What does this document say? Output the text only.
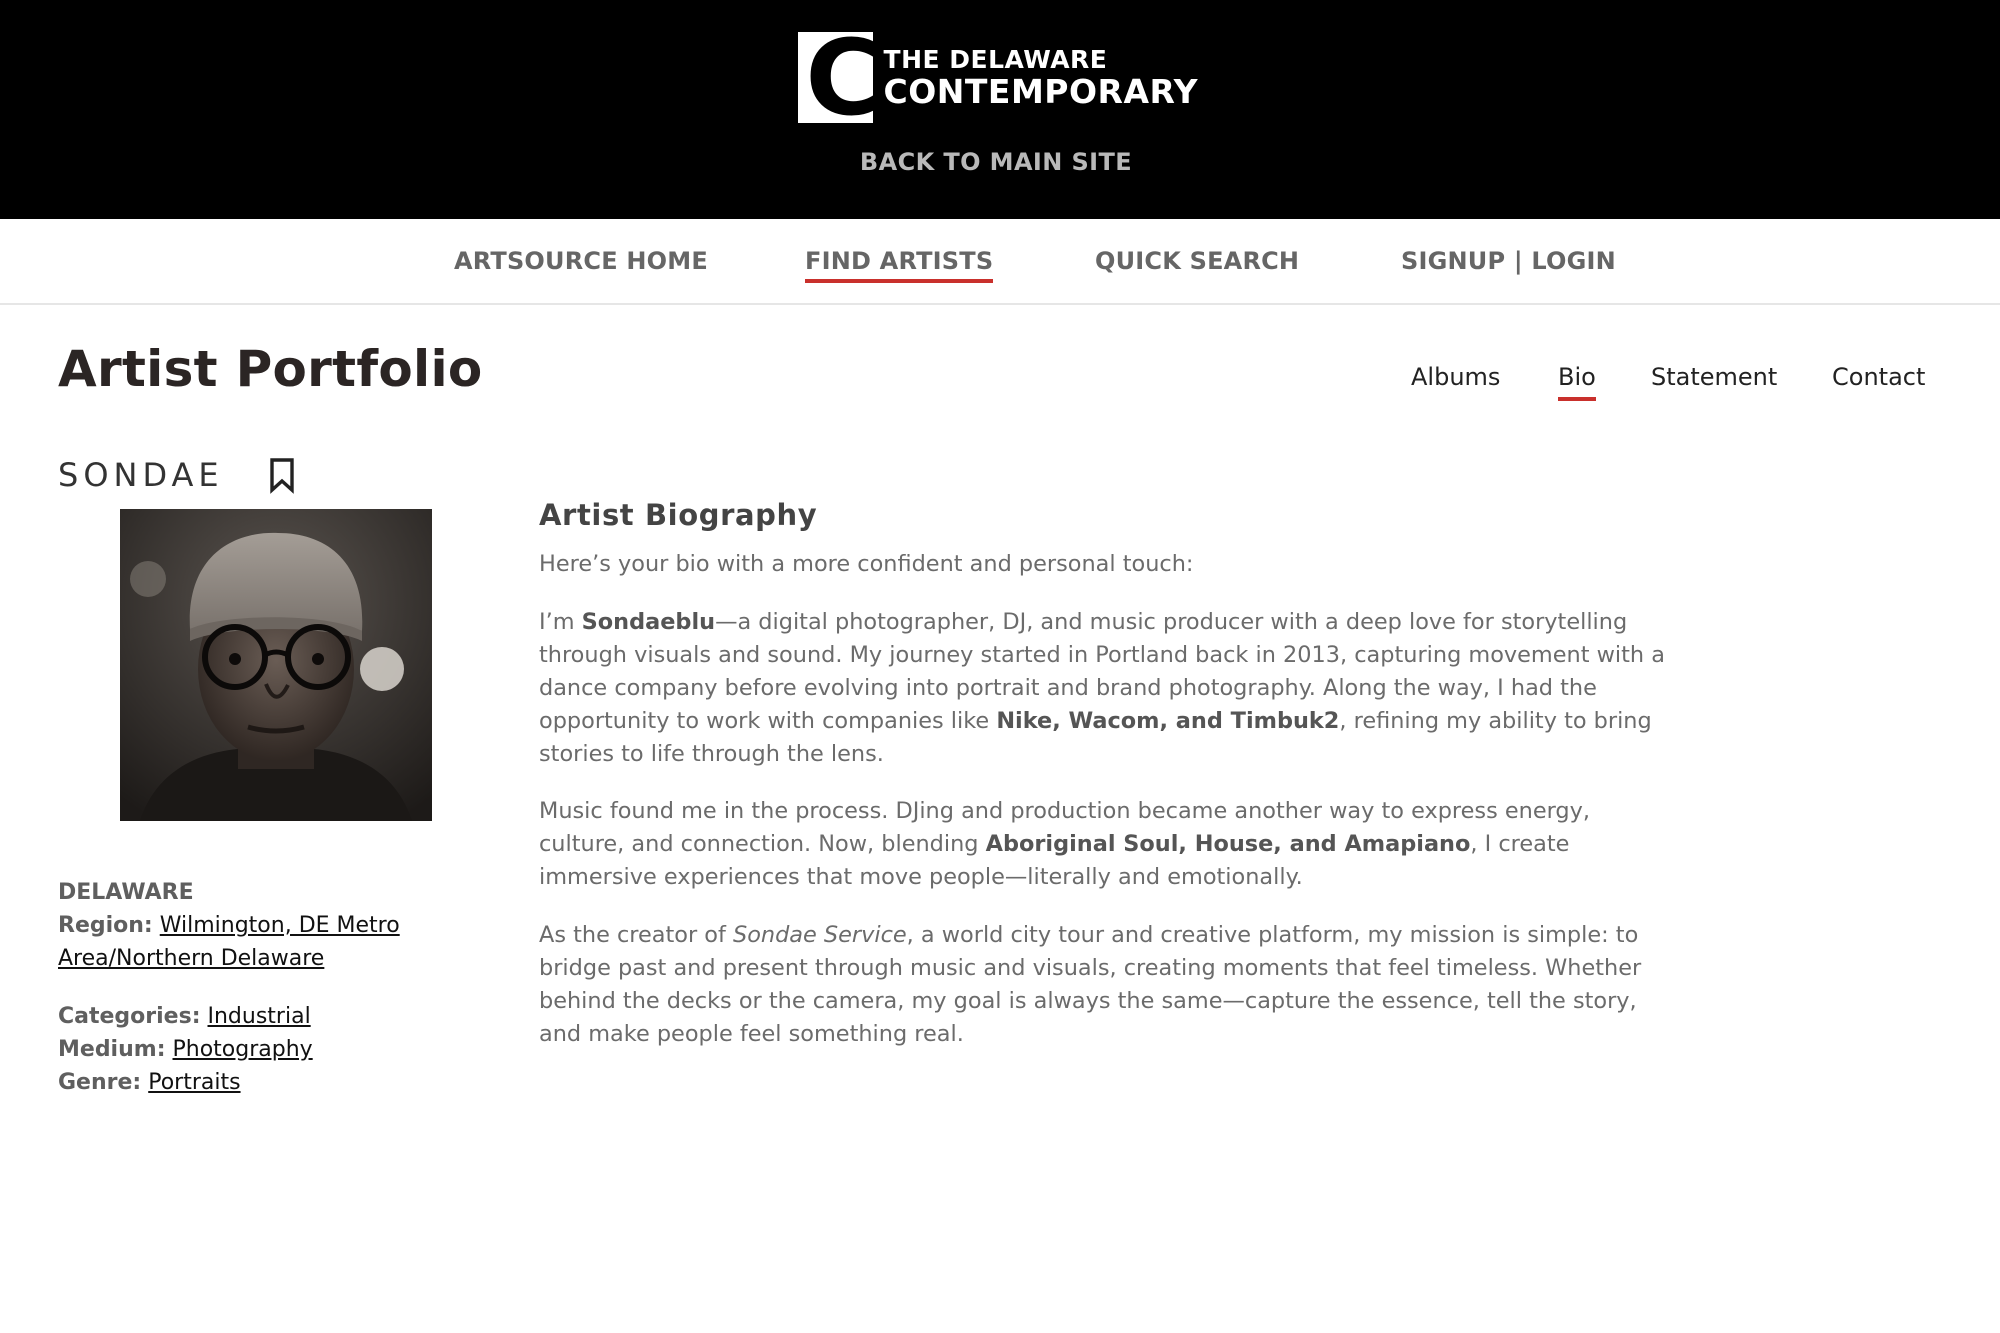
C THE DELAWARE
CONTEMPORARY
BACK TO MAIN SITE
ARTSOURCE HOME	FIND ARTISTS	QUICK SEARCH	SIGNUP | LOGIN
Artist Portfolio	Albums Bio Statement Contact
SONDAE
DELAWARE
Region: Wilmington, DE Metro
Area/Northern Delaware
Categories: Industrial
Medium: Photography
Genre: Portraits
Artist Biography
Here’s your bio with a more confident and personal touch:
I’m Sondaeblu—a digital photographer, DJ, and music producer with a deep love for storytelling through visuals and sound. My journey started in Portland back in 2013, capturing movement with a dance company before evolving into portrait and brand photography. Along the way, I had the opportunity to work with companies like Nike, Wacom, and Timbuk2, refining my ability to bring stories to life through the lens.
Music found me in the process. DJing and production became another way to express energy, culture, and connection. Now, blending Aboriginal Soul, House, and Amapiano, I create immersive experiences that move people—literally and emotionally.
As the creator of Sondae Service, a world city tour and creative platform, my mission is simple: to bridge past and present through music and visuals, creating moments that feel timeless. Whether behind the decks or the camera, my goal is always the same—capture the essence, tell the story, and make people feel something real.
